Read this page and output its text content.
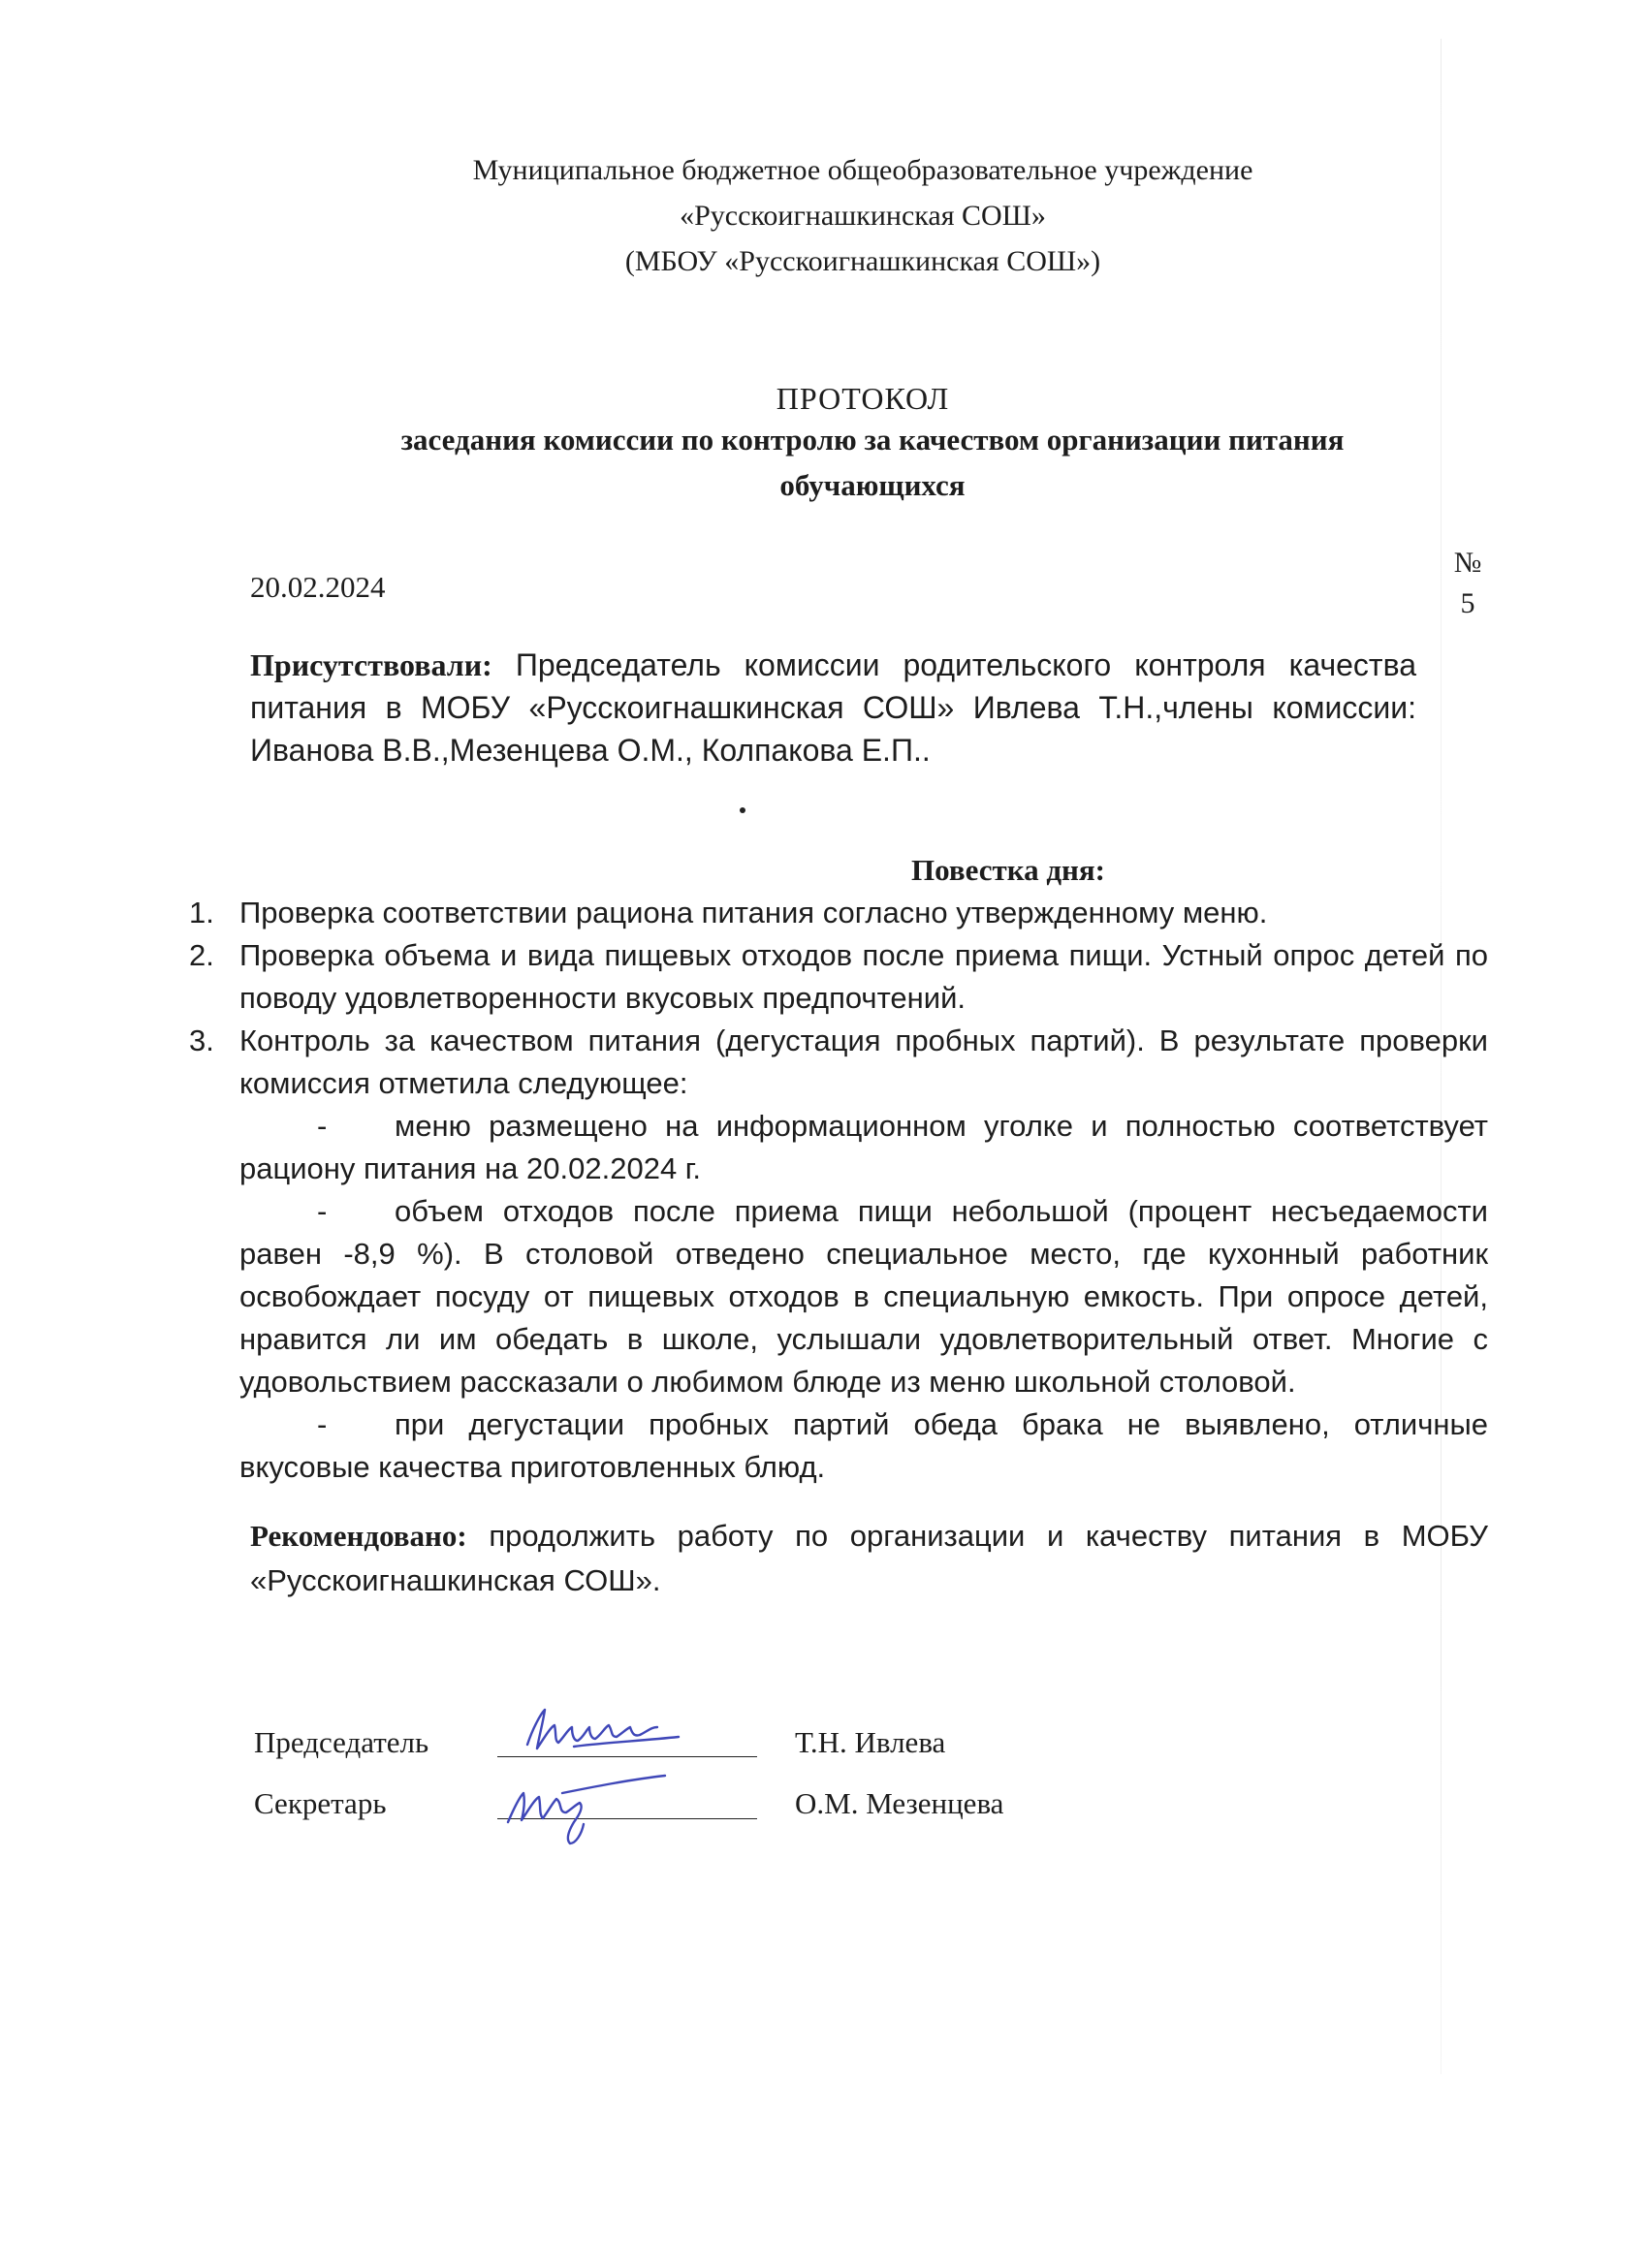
Муниципальное бюджетное общеобразовательное учреждение
«Русскоигнашкинская СОШ»
(МБОУ «Русскоигнашкинская СОШ»)
ПРОТОКОЛ
заседания комиссии по контролю за качеством организации питания
обучающихся
20.02.2024
№
5
Присутствовали: Председатель комиссии родительского контроля качества питания в МОБУ «Русскоигнашкинская СОШ» Ивлева Т.Н.,члены комиссии: Иванова В.В.,Мезенцева О.М., Колпакова Е.П..
Повестка дня:
1. Проверка соответствии рациона питания согласно утвержденному меню.
2. Проверка объема и вида пищевых отходов после приема пищи. Устный опрос детей по поводу удовлетворенности вкусовых предпочтений.
3. Контроль за качеством питания (дегустация пробных партий). В результате проверки комиссия отметила следующее:
- меню размещено на информационном уголке и полностью соответствует рациону питания на 20.02.2024 г.
- объем отходов после приема пищи небольшой (процент несъедаемости равен -8,9 %). В столовой отведено специальное место, где кухонный работник освобождает посуду от пищевых отходов в специальную емкость. При опросе детей, нравится ли им обедать в школе, услышали удовлетворительный ответ. Многие с удовольствием рассказали о любимом блюде из меню школьной столовой.
- при дегустации пробных партий обеда брака не выявлено, отличные вкусовые качества приготовленных блюд.
Рекомендовано: продолжить работу по организации и качеству питания в МОБУ «Русскоигнашкинская СОШ».
Председатель	Т.Н. Ивлева
Секретарь	О.М. Мезенцева
